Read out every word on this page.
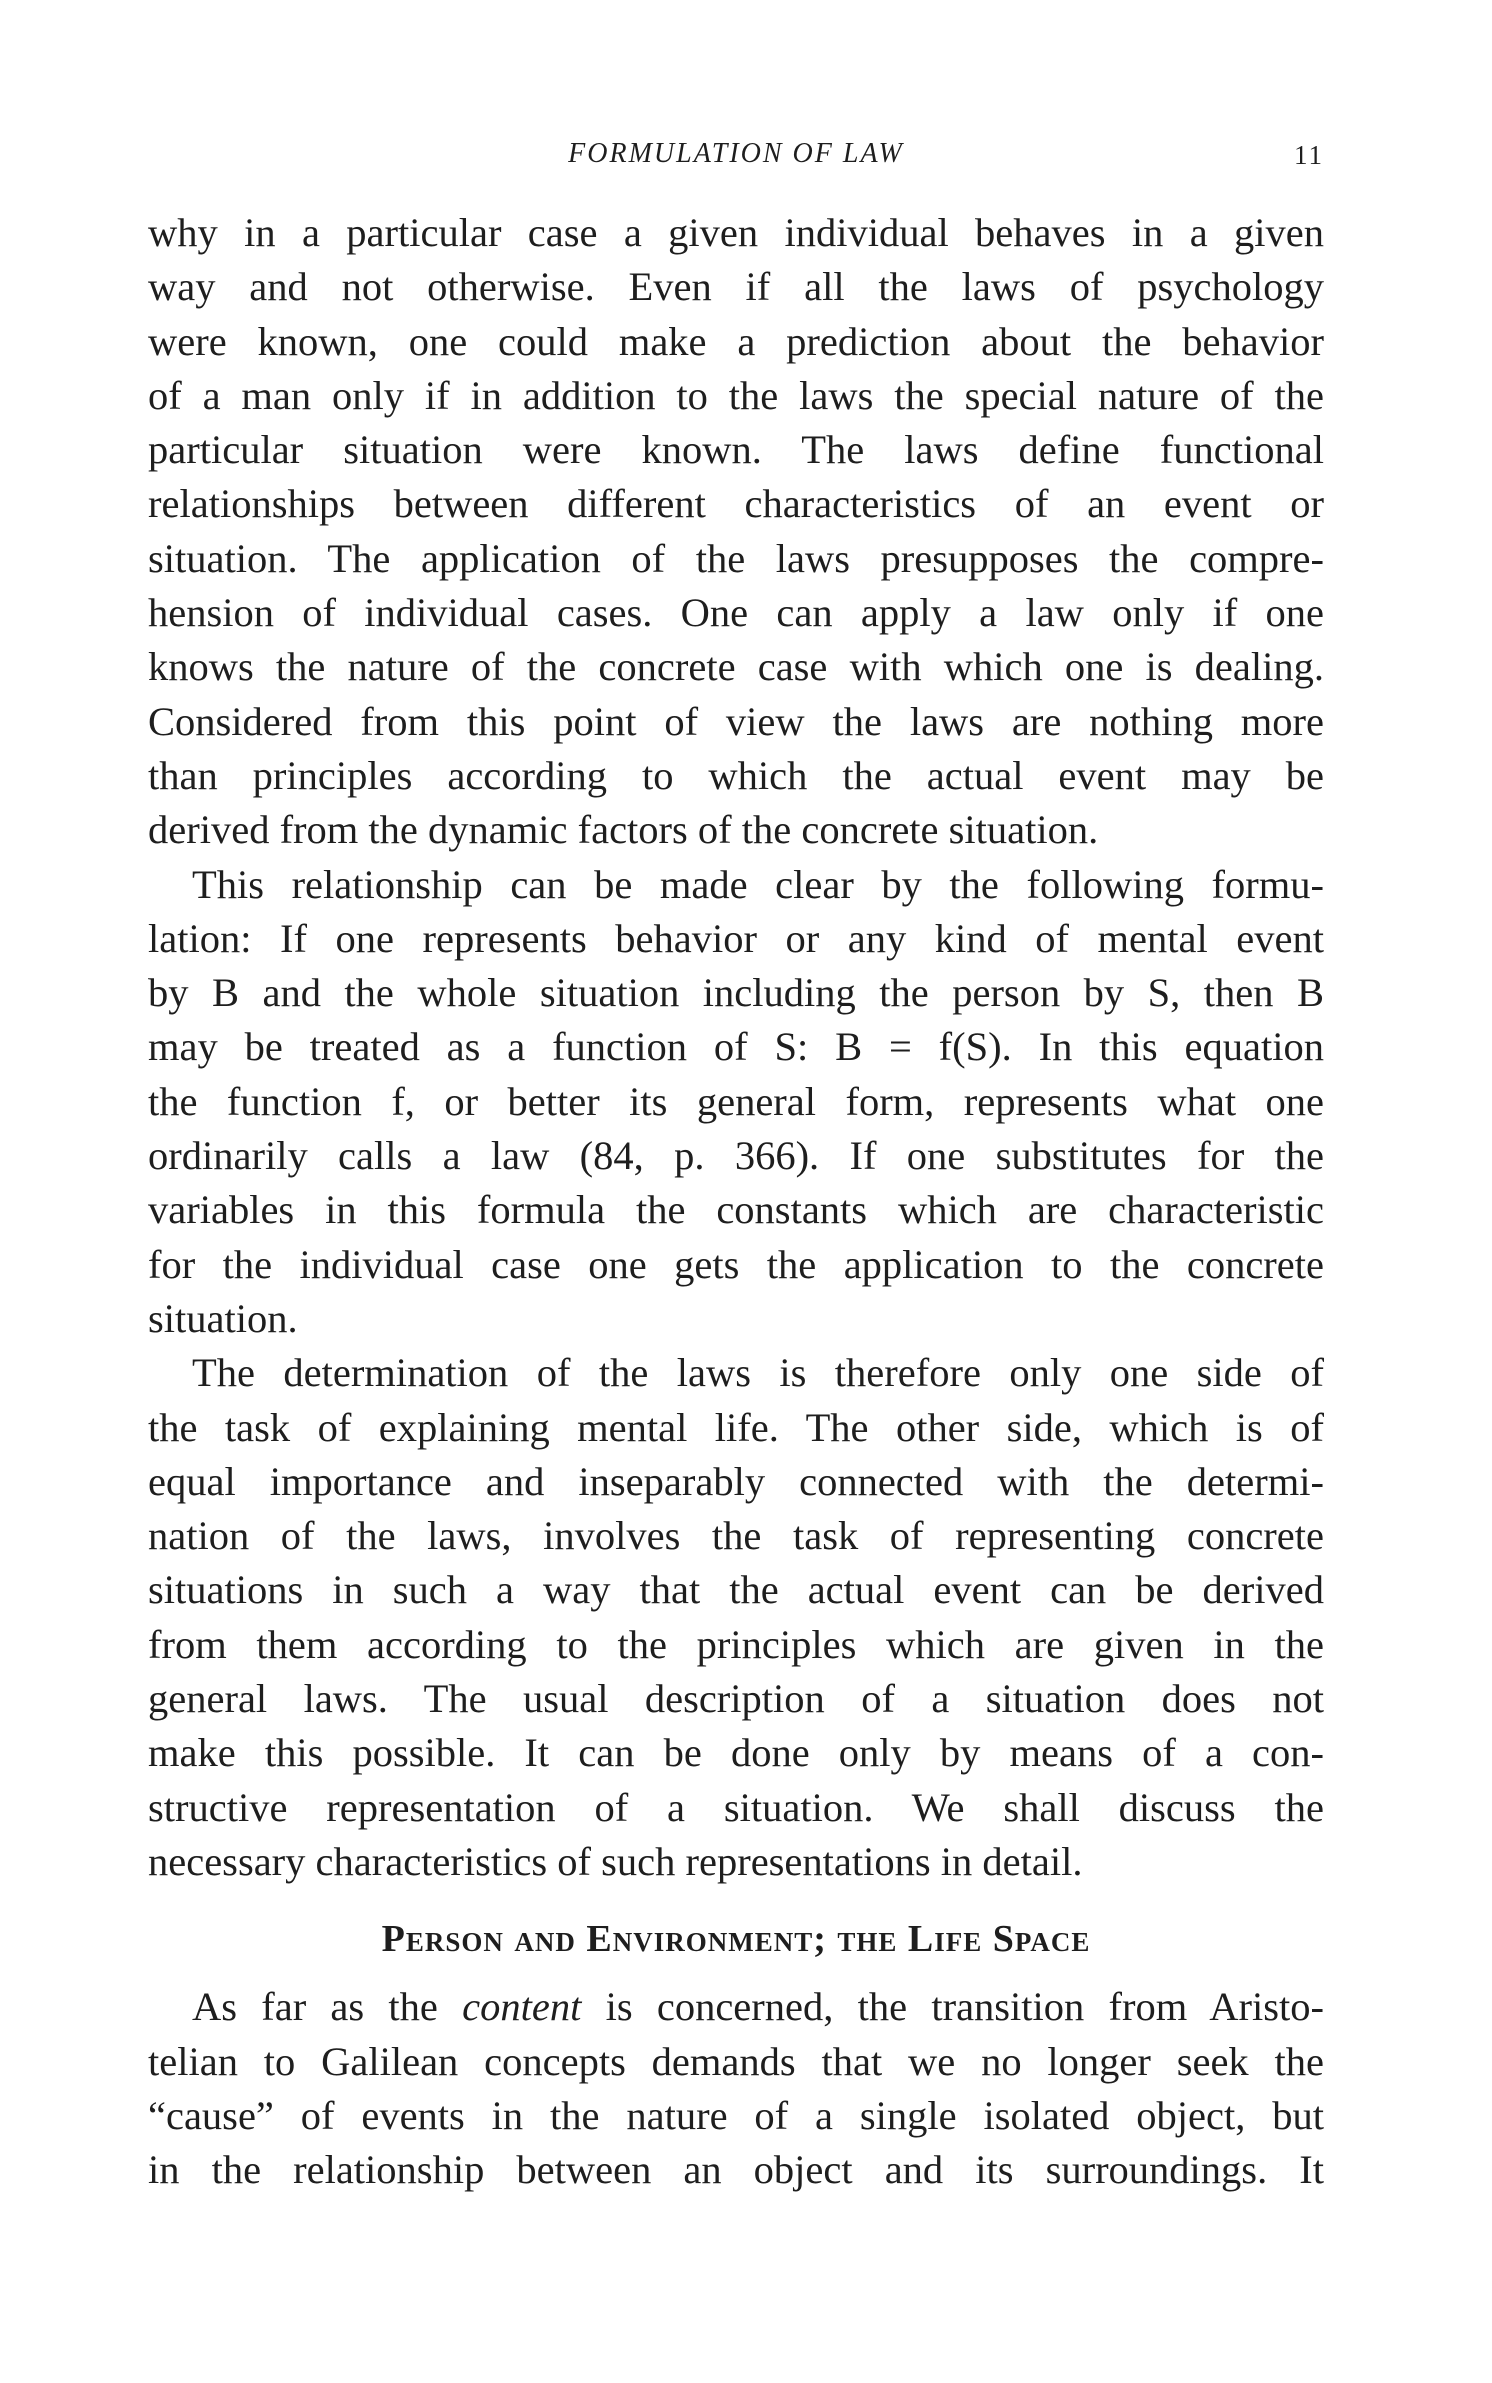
FORMULATION OF LAW	11
why in a particular case a given individual behaves in a given
way and not otherwise. Even if all the laws of psychology
were known, one could make a prediction about the behavior
of a man only if in addition to the laws the special nature of the
particular situation were known. The laws define functional
relationships between different characteristics of an event or
situation. The application of the laws presupposes the compre-
hension of individual cases. One can apply a law only if one
knows the nature of the concrete case with which one is dealing.
Considered from this point of view the laws are nothing more
than principles according to which the actual event may be
derived from the dynamic factors of the concrete situation.
This relationship can be made clear by the following formu-
lation: If one represents behavior or any kind of mental event
by B and the whole situation including the person by S, then B
may be treated as a function of S: B = f(S). In this equation
the function f, or better its general form, represents what one
ordinarily calls a law (84, p. 366). If one substitutes for the
variables in this formula the constants which are characteristic
for the individual case one gets the application to the concrete
situation.
The determination of the laws is therefore only one side of
the task of explaining mental life. The other side, which is of
equal importance and inseparably connected with the determi-
nation of the laws, involves the task of representing concrete
situations in such a way that the actual event can be derived
from them according to the principles which are given in the
general laws. The usual description of a situation does not
make this possible. It can be done only by means of a con-
structive representation of a situation. We shall discuss the
necessary characteristics of such representations in detail.
Person and Environment; the Life Space
As far as the content is concerned, the transition from Aristo-
telian to Galilean concepts demands that we no longer seek the
“cause” of events in the nature of a single isolated object, but
in the relationship between an object and its surroundings. It
